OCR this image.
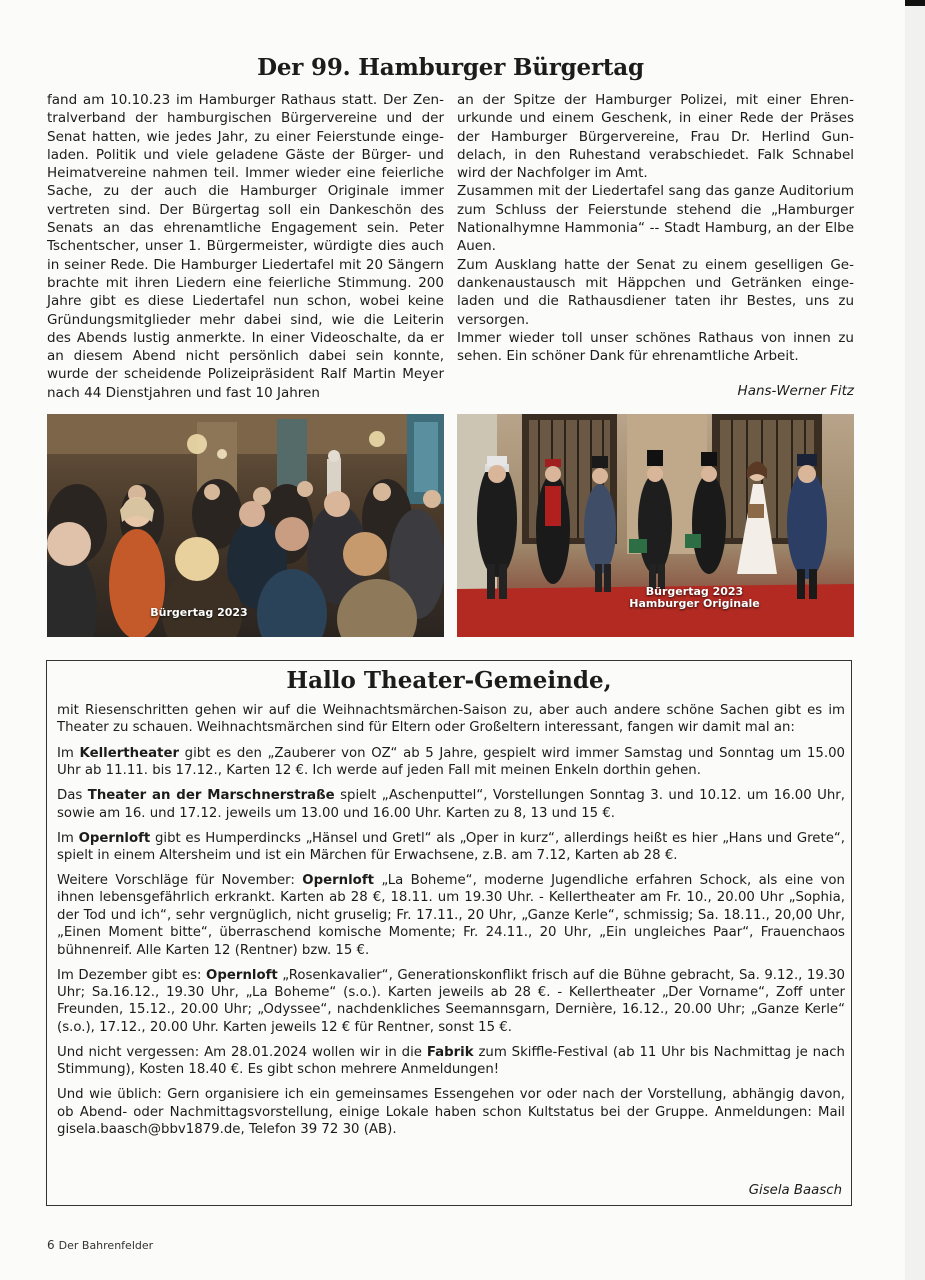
Der 99. Hamburger Bürgertag

fand am 10.10.23 im Hamburger Rathaus statt. Der Zentralverband der hamburgischen Bürgervereine und der Senat hatten, wie jedes Jahr, zu einer Feierstunde eingeladen. Politik und viele geladene Gäste der Bürger- und Heimatvereine nahmen teil. Immer wieder eine feierliche Sache, zu der auch die Hamburger Originale immer vertreten sind. Der Bürgertag soll ein Dankeschön des Senats an das ehrenamtliche Engagement sein. Peter Tschentscher, unser 1. Bürgermeister, würdigte dies auch in seiner Rede. Die Hamburger Liedertafel mit 20 Sängern brachte mit ihren Liedern eine feierliche Stimmung. 200 Jahre gibt es diese Liedertafel nun schon, wobei keine Gründungsmitglieder mehr dabei sind, wie die Leiterin des Abends lustig anmerkte. In einer Videoschalte, da er an diesem Abend nicht persönlich dabei sein konnte, wurde der scheidende Polizeipräsident Ralf Martin Meyer nach 44 Dienstjahren und fast 10 Jahren

an der Spitze der Hamburger Polizei, mit einer Ehrenurkunde und einem Geschenk, in einer Rede der Präses der Hamburger Bürgervereine, Frau Dr. Herlind Gundelach, in den Ruhestand verabschiedet. Falk Schnabel wird der Nachfolger im Amt.

Zusammen mit der Liedertafel sang das ganze Auditorium zum Schluss der Feierstunde stehend die „Hamburger Nationalhymne Hammonia“ -- Stadt Hamburg, an der Elbe Auen.

Zum Ausklang hatte der Senat zu einem geselligen Gedankenaustausch mit Häppchen und Getränken eingeladen und die Rathausdiener taten ihr Bestes, uns zu versorgen.

Immer wieder toll unser schönes Rathaus von innen zu sehen. Ein schöner Dank für ehrenamtliche Arbeit.

Hans-Werner Fitz
Bürgertag 2023
Bürgertag 2023
Hamburger Originale
Hallo Theater-Gemeinde,

mit Riesenschritten gehen wir auf die Weihnachtsmärchen-Saison zu, aber auch andere schöne Sachen gibt es im Theater zu schauen. Weihnachtsmärchen sind für Eltern oder Großeltern interessant, fangen wir damit mal an:

Im Kellertheater gibt es den „Zauberer von OZ“ ab 5 Jahre, gespielt wird immer Samstag und Sonntag um 15.00 Uhr ab 11.11. bis 17.12., Karten 12 €. Ich werde auf jeden Fall mit meinen Enkeln dorthin gehen.

Das Theater an der Marschnerstraße spielt „Aschenputtel“, Vorstellungen Sonntag 3. und 10.12. um 16.00 Uhr, sowie am 16. und 17.12. jeweils um 13.00 und 16.00 Uhr. Karten zu 8, 13 und 15 €.

Im Opernloft gibt es Humperdincks „Hänsel und Gretl“ als „Oper in kurz“, allerdings heißt es hier „Hans und Grete“, spielt in einem Altersheim und ist ein Märchen für Erwachsene, z.B. am 7.12, Karten ab 28 €.

Weitere Vorschläge für November: Opernloft „La Boheme“, moderne Jugendliche erfahren Schock, als eine von ihnen lebensgefährlich erkrankt. Karten ab 28 €, 18.11. um 19.30 Uhr. - Kellertheater am Fr. 10., 20.00 Uhr „Sophia, der Tod und ich“, sehr vergnüglich, nicht gruselig; Fr. 17.11., 20 Uhr, „Ganze Kerle“, schmissig; Sa. 18.11., 20,00 Uhr, „Einen Moment bitte“, überraschend komische Momente; Fr. 24.11., 20 Uhr, „Ein ungleiches Paar“, Frauenchaos bühnenreif. Alle Karten 12 (Rentner) bzw. 15 €.

Im Dezember gibt es: Opernloft „Rosenkavalier“, Generationskonflikt frisch auf die Bühne gebracht, Sa. 9.12., 19.30 Uhr; Sa.16.12., 19.30 Uhr, „La Boheme“ (s.o.). Karten jeweils ab 28 €. - Kellertheater „Der Vorname“, Zoff unter Freunden, 15.12., 20.00 Uhr; „Odyssee“, nachdenkliches Seemannsgarn, Dernière, 16.12., 20.00 Uhr; „Ganze Kerle“ (s.o.), 17.12., 20.00 Uhr. Karten jeweils 12 € für Rentner, sonst 15 €.

Und nicht vergessen: Am 28.01.2024 wollen wir in die Fabrik zum Skiffle-Festival (ab 11 Uhr bis Nachmittag je nach Stimmung), Kosten 18.40 €. Es gibt schon mehrere Anmeldungen!

Und wie üblich: Gern organisiere ich ein gemeinsames Essengehen vor oder nach der Vorstellung, abhängig davon, ob Abend- oder Nachmittagsvorstellung, einige Lokale haben schon Kultstatus bei der Gruppe. Anmeldungen: Mail gisela.baasch@bbv1879.de, Telefon 39 72 30 (AB).

Gisela Baasch
6 Der Bahrenfelder
